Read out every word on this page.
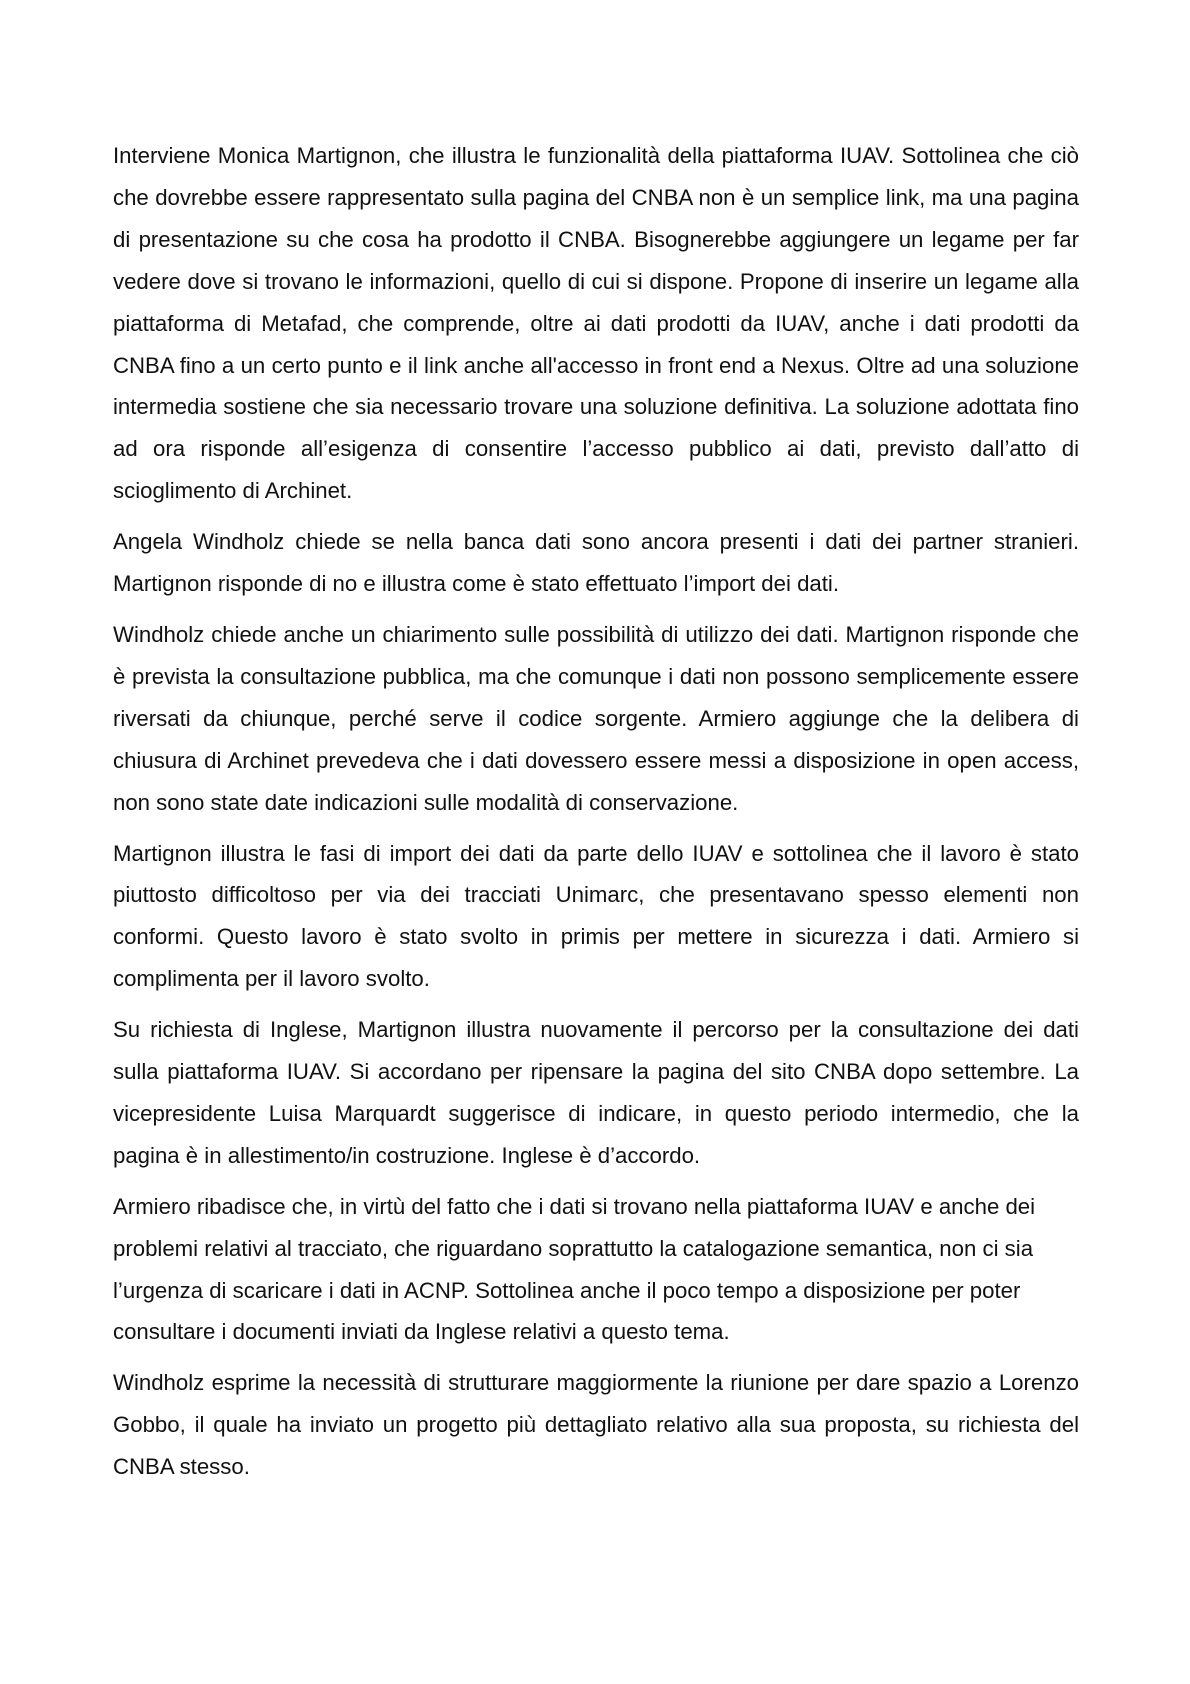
Interviene Monica Martignon, che illustra le funzionalità della piattaforma IUAV. Sottolinea che ciò che dovrebbe essere rappresentato sulla pagina del CNBA non è un semplice link, ma una pagina di presentazione su che cosa ha prodotto il CNBA. Bisognerebbe aggiungere un legame per far vedere dove si trovano le informazioni, quello di cui si dispone. Propone di inserire un legame alla piattaforma di Metafad, che comprende, oltre ai dati prodotti da IUAV, anche i dati prodotti da CNBA fino a un certo punto e il link anche all'accesso in front end a Nexus. Oltre ad una soluzione intermedia sostiene che sia necessario trovare una soluzione definitiva. La soluzione adottata fino ad ora risponde all’esigenza di consentire l’accesso pubblico ai dati, previsto dall’atto di scioglimento di Archinet.

Angela Windholz chiede se nella banca dati sono ancora presenti i dati dei partner stranieri. Martignon risponde di no e illustra come è stato effettuato l’import dei dati.

Windholz chiede anche un chiarimento sulle possibilità di utilizzo dei dati. Martignon risponde che è prevista la consultazione pubblica, ma che comunque i dati non possono semplicemente essere riversati da chiunque, perché serve il codice sorgente. Armiero aggiunge che la delibera di chiusura di Archinet prevedeva che i dati dovessero essere messi a disposizione in open access, non sono state date indicazioni sulle modalità di conservazione.

Martignon illustra le fasi di import dei dati da parte dello IUAV e sottolinea che il lavoro è stato piuttosto difficoltoso per via dei tracciati Unimarc, che presentavano spesso elementi non conformi. Questo lavoro è stato svolto in primis per mettere in sicurezza i dati. Armiero si complimenta per il lavoro svolto.

Su richiesta di Inglese, Martignon illustra nuovamente il percorso per la consultazione dei dati sulla piattaforma IUAV. Si accordano per ripensare la pagina del sito CNBA dopo settembre. La vicepresidente Luisa Marquardt suggerisce di indicare, in questo periodo intermedio, che la pagina è in allestimento/in costruzione. Inglese è d’accordo.

Armiero ribadisce che, in virtù del fatto che i dati si trovano nella piattaforma IUAV e anche dei problemi relativi al tracciato, che riguardano soprattutto la catalogazione semantica, non ci sia l’urgenza di scaricare i dati in ACNP. Sottolinea anche il poco tempo a disposizione per poter consultare i documenti inviati da Inglese relativi a questo tema.

Windholz esprime la necessità di strutturare maggiormente la riunione per dare spazio a Lorenzo Gobbo, il quale ha inviato un progetto più dettagliato relativo alla sua proposta, su richiesta del CNBA stesso.
